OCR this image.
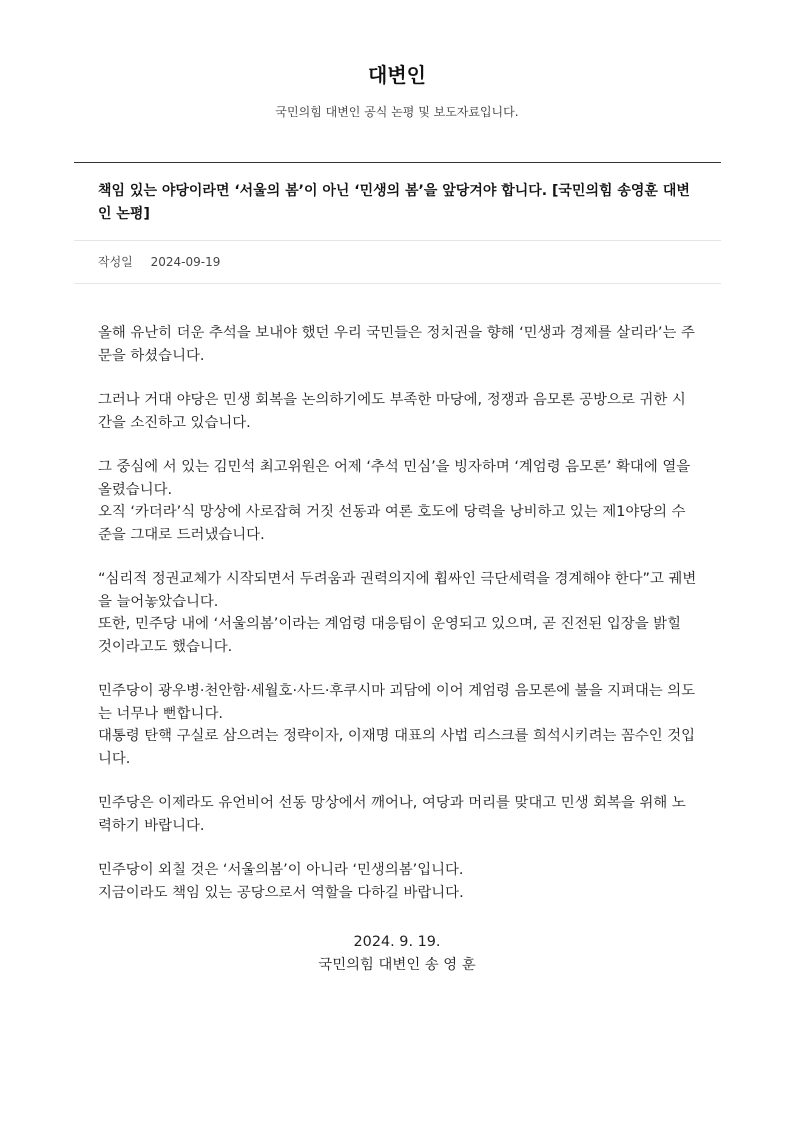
대변인

국민의힘 대변인 공식 논평 및 보도자료입니다.

책임 있는 야당이라면 ‘서울의 봄’이 아닌 ‘민생의 봄’을 앞당겨야 합니다. [국민의힘 송영훈 대변인 논평]
작성일 2024-09-19

올해 유난히 더운 추석을 보내야 했던 우리 국민들은 정치권을 향해 ‘민생과 경제를 살리라’는 주문을 하셨습니다.

그러나 거대 야당은 민생 회복을 논의하기에도 부족한 마당에, 정쟁과 음모론 공방으로 귀한 시간을 소진하고 있습니다.

그 중심에 서 있는 김민석 최고위원은 어제 ‘추석 민심’을 빙자하며 ‘계엄령 음모론’ 확대에 열을 올렸습니다.
오직 ‘카더라’식 망상에 사로잡혀 거짓 선동과 여론 호도에 당력을 낭비하고 있는 제1야당의 수준을 그대로 드러냈습니다.

“심리적 정권교체가 시작되면서 두려움과 권력의지에 휩싸인 극단세력을 경계해야 한다”고 궤변을 늘어놓았습니다.
또한, 민주당 내에 ‘서울의봄’이라는 계엄령 대응팀이 운영되고 있으며, 곧 진전된 입장을 밝힐 것이라고도 했습니다.

민주당이 광우병·천안함·세월호·사드·후쿠시마 괴담에 이어 계엄령 음모론에 불을 지펴대는 의도는 너무나 뻔합니다.
대통령 탄핵 구실로 삼으려는 정략이자, 이재명 대표의 사법 리스크를 희석시키려는 꼼수인 것입니다.

민주당은 이제라도 유언비어 선동 망상에서 깨어나, 여당과 머리를 맞대고 민생 회복을 위해 노력하기 바랍니다.

민주당이 외칠 것은 ‘서울의봄’이 아니라 ‘민생의봄’입니다.
지금이라도 책임 있는 공당으로서 역할을 다하길 바랍니다.

2024. 9. 19.
국민의힘 대변인 송 영 훈
